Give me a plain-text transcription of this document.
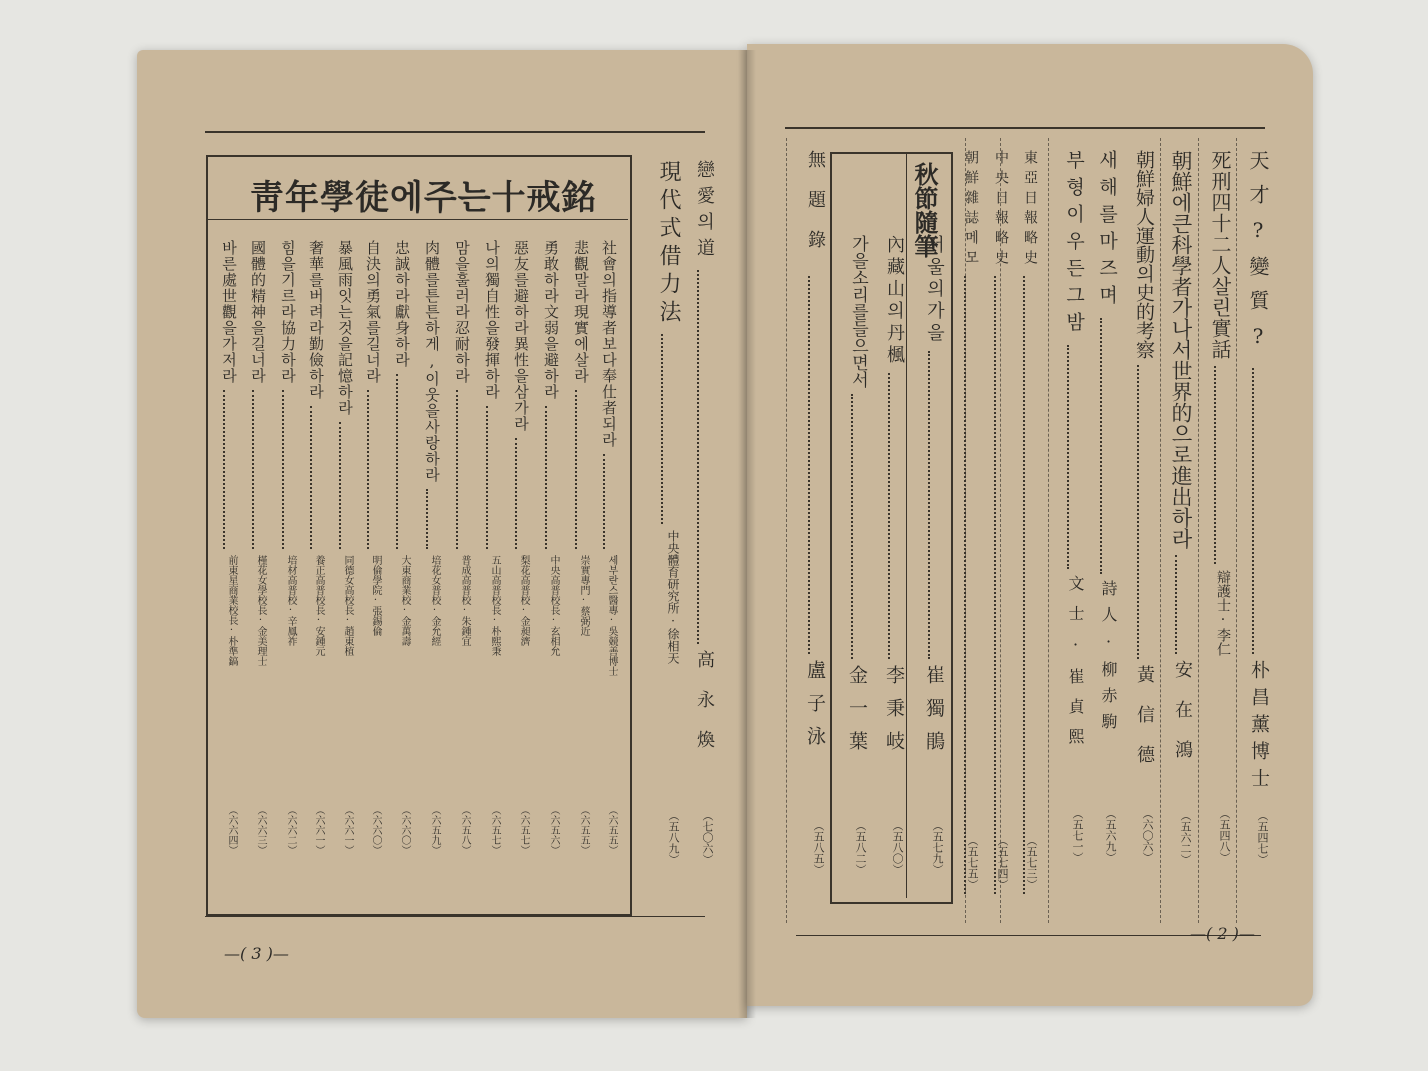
—( 3 )—
靑年學徒에주는十戒銘
社會의指導者보다奉仕者되라
세부란스醫專·吳競善博士
（六五五）
悲觀말라現實에살라
崇實專門·蔡弼近
（六五五）
勇敢하라文弱을避하라
中央高普校長·玄相允
（六五六）
惡友를避하라異性을삼가라
梨花高普校·金昶濟
（六五七）
나의獨自性을發揮하라
五山高普校長·朴熙秉
（六五七）
맘을훌러라忍耐하라
普成高普校·朱鍾宜
（六五八）
肉體를튼튼하게,이웃을사랑하라
培花女普校·金允經
（六五九）
忠誠하라獻身하라
大東商業校·金萬壽
（六六〇）
自決의勇氣를길너라
明倫學院·張錫倫
（六六〇）
暴風雨잇는것을記憶하라
同德女高校長·趙東植
（六六一）
奢華를버려라勤儉하라
養正高普校長·安鍾元
（六六一）
힘을기르라協力하라
培材高普校·辛鳳祚
（六六二）
國體的精神을길너라
槿花女學校長·金美理士
（六六三）
바른處世觀을가저라
前東星商業校長·朴準鎬
（六六四）
戀愛의道
高永煥
（七〇六）
現代式借力法
中央體育研究所·徐相天
（五八九）
—( 2 )—
天才?變質?
朴昌薰博士
（五四七）
死刑四十二人살린實話
辯護士·李仁
（五四八）
朝鮮에큰科學者가나서世界的으로進出하라
安在鴻
（五六二）
朝鮮婦人運動의史的考察
黃信德
（六〇六）
새해를마즈며
詩人·柳赤駒
（五六九）
부형이우든그밤
文士·崔貞熙
（五七一）
東亞日報略史
（五七三）
中央日報略史
（五七四）
朝鮮雜誌메모
（五七五）
秋節隨筆
서울의가을
崔獨鵑
（五七九）
內藏山의丹楓
李秉岐
（五八〇）
가을소리를들으면서
金一葉
（五八二）
無題錄
盧子泳
（五八五）
